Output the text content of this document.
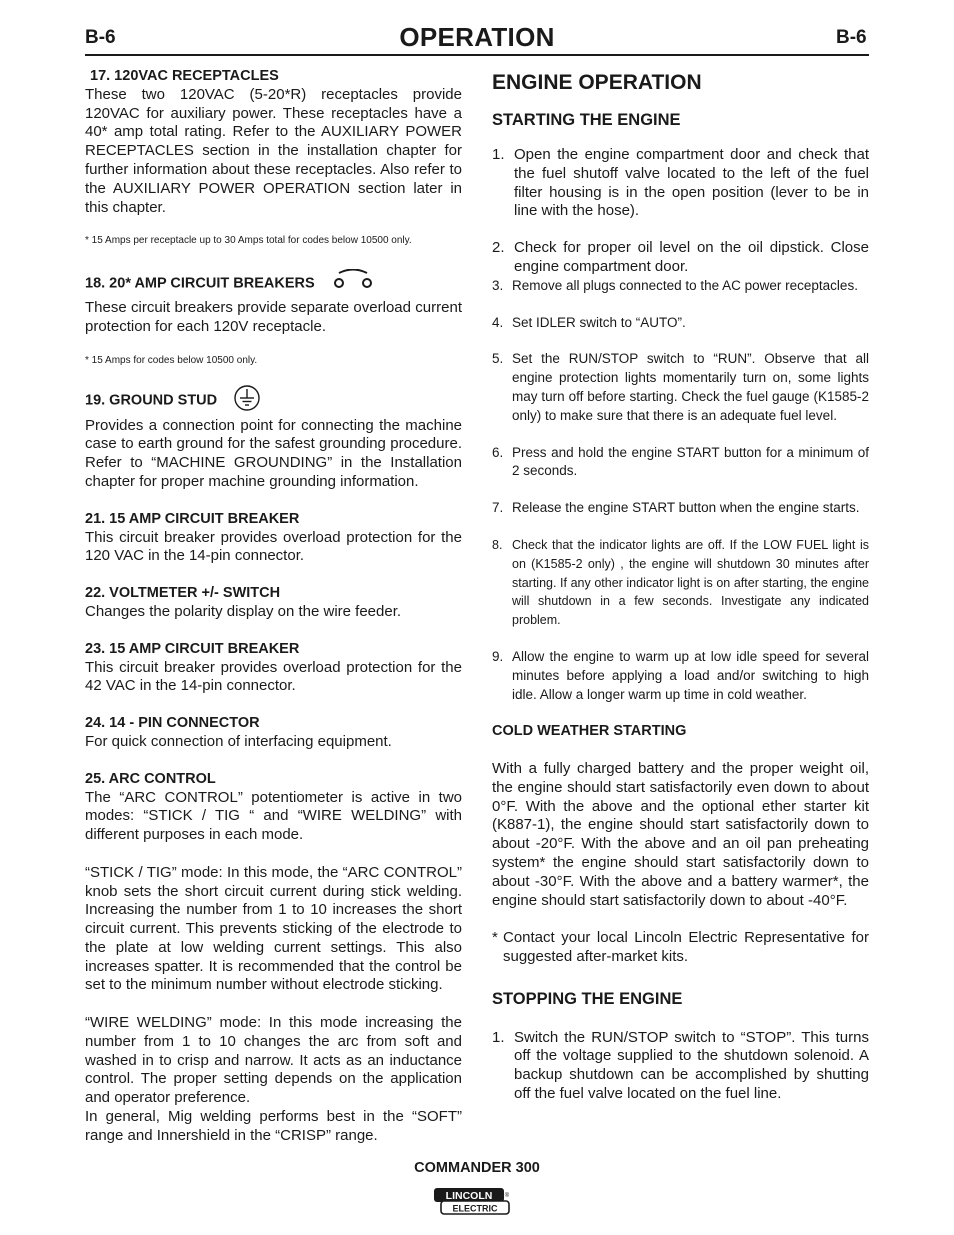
B-6	OPERATION	B-6

17. 120VAC RECEPTACLES

These two 120VAC (5-20*R) receptacles provide 120VAC for auxiliary power. These receptacles have a 40* amp total rating. Refer to the AUXILIARY POWER RECEPTACLES section in the installation chapter for further information about these receptacles. Also refer to the AUXILIARY POWER OPERATION section later in this chapter.

* 15 Amps per receptacle up to 30 Amps total for codes below 10500 only.

18. 20* AMP CIRCUIT BREAKERS

These circuit breakers provide separate overload current protection for each 120V receptacle.

* 15 Amps for codes below 10500 only.

19. GROUND STUD

Provides a connection point for connecting the machine case to earth ground for the safest grounding procedure. Refer to “MACHINE GROUNDING” in the Installation chapter for proper machine grounding information.

21. 15 AMP CIRCUIT BREAKER

This circuit breaker provides overload protection for the 120 VAC in the 14-pin connector.

22. VOLTMETER +/- SWITCH

Changes the polarity display on the wire feeder.

23. 15 AMP CIRCUIT BREAKER

This circuit breaker provides overload protection for the 42 VAC in the 14-pin connector.

24. 14 - PIN CONNECTOR

For quick connection of interfacing equipment.

25. ARC CONTROL

The “ARC CONTROL” potentiometer is active in two modes: “STICK / TIG “ and “WIRE WELDING” with different purposes in each mode.

“STICK / TIG” mode: In this mode, the “ARC CONTROL” knob sets the short circuit current during stick welding. Increasing the number from 1 to 10 increases the short circuit current. This prevents sticking of the electrode to the plate at low welding current settings. This also increases spatter. It is recommended that the control be set to the minimum number without electrode sticking.

“WIRE WELDING” mode: In this mode increasing the number from 1 to 10 changes the arc from soft and washed in to crisp and narrow. It acts as an inductance control. The proper setting depends on the application and operator preference.

In general, Mig welding performs best in the “SOFT” range and Innershield in the “CRISP” range.

ENGINE OPERATION

STARTING THE ENGINE

1. Open the engine compartment door and check that the fuel shutoff valve located to the left of the fuel filter housing is in the open position (lever to be in line with the hose).
2. Check for proper oil level on the oil dipstick. Close engine compartment door.
3. Remove all plugs connected to the AC power receptacles.
4. Set IDLER switch to “AUTO”.
5. Set the RUN/STOP switch to “RUN”. Observe that all engine protection lights momentarily turn on, some lights may turn off before starting. Check the fuel gauge (K1585-2 only) to make sure that there is an adequate fuel level.
6. Press and hold the engine START button for a minimum of 2 seconds.
7. Release the engine START button when the engine starts.
8. Check that the indicator lights are off. If the LOW FUEL light is on (K1585-2 only) , the engine will shutdown 30 minutes after starting. If any other indicator light is on after starting, the engine will shutdown in a few seconds. Investigate any indicated problem.
9. Allow the engine to warm up at low idle speed for several minutes before applying a load and/or switching to high idle. Allow a longer warm up time in cold weather.

COLD WEATHER STARTING

With a fully charged battery and the proper weight oil, the engine should start satisfactorily even down to about 0°F. With the above and the optional ether starter kit (K887-1), the engine should start satisfactorily down to about -20°F. With the above and an oil pan preheating system* the engine should start satisfactorily down to about -30°F. With the above and a battery warmer*, the engine should start satisfactorily down to about -40°F.

* Contact your local Lincoln Electric Representative for suggested after-market kits.

STOPPING THE ENGINE

1. Switch the RUN/STOP switch to “STOP”. This turns off the voltage supplied to the shutdown solenoid. A backup shutdown can be accomplished by shutting off the fuel valve located on the fuel line.
COMMANDER 300
LINCOLN
ELECTRIC
®
